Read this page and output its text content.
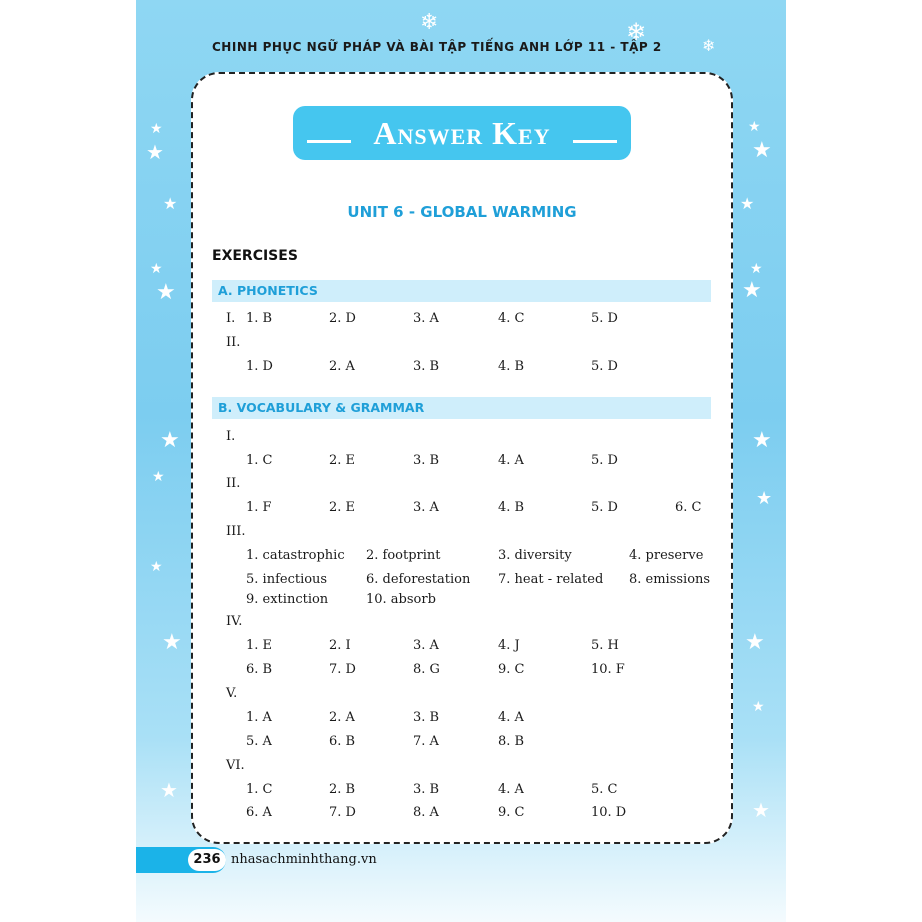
★
★
★
★
★
★
★
★
★
★
★
★
★
★
★
★
★
★
★
★
❄	❄	❄
CHINH PHỤC NGỮ PHÁP VÀ BÀI TẬP TIẾNG ANH LỚP 11 - TẬP 2
Answer Key
UNIT 6 - GLOBAL WARMING
EXERCISES
A. PHONETICS
I. 1. B	2. D	3. A	4. C	5. D
II.
1. D	2. A	3. B	4. B	5. D
B. VOCABULARY & GRAMMAR
I.
1. C	2. E	3. B	4. A	5. D
II.
1. F	2. E	3. A	4. B	5. D	6. C
III.
1. catastrophic 2. footprint	3. diversity	4. preserve
5. infectious	6. deforestation 7. heat - related 8. emissions
9. extinction	10. absorb
IV.
1. E	2. I	3. A	4. J	5. H
6. B	7. D	8. G	9. C	10. F
V.
1. A	2. A	3. B	4. A
5. A	6. B	7. A	8. B
VI.
1. C	2. B	3. B	4. A	5. C
6. A	7. D	8. A	9. C	10. D
236 nhasachminhthang.vn
